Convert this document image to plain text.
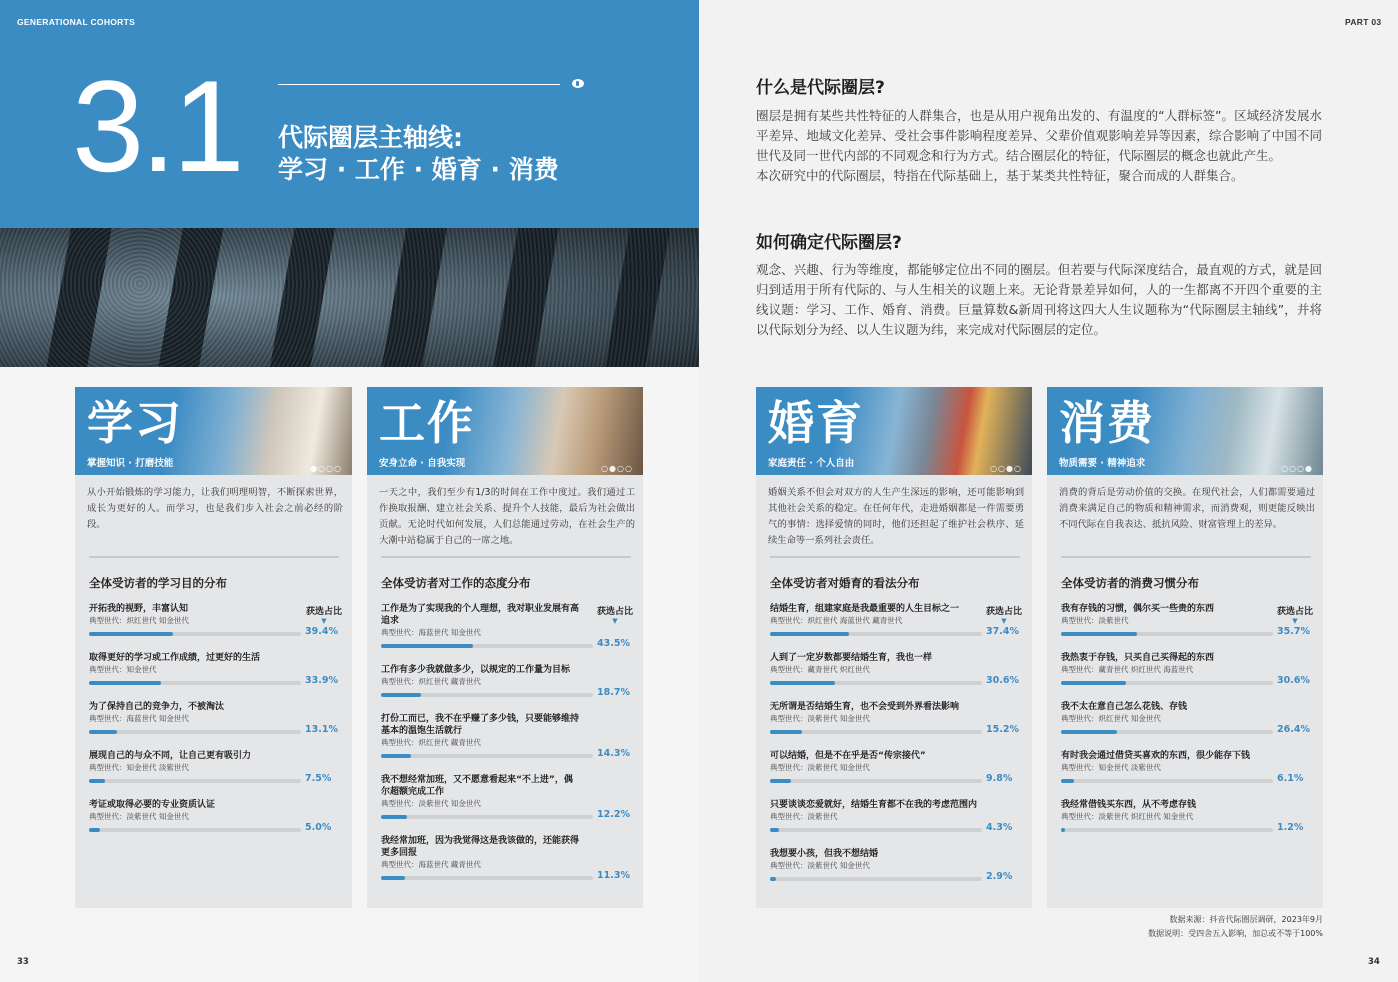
GENERATIONAL COHORTS	PART 03
3.1 代际圈层主轴线:
学习 · 工作 · 婚育 · 消费
什么是代际圈层?
圈层是拥有某些共性特征的人群集合，也是从用户视角出发的、有温度的“人群标签”。区域经济发展水平差异、地域文化差异、受社会事件影响程度差异、父辈价值观影响差异等因素，综合影响了中国不同世代及同一世代内部的不同观念和行为方式。结合圈层化的特征，代际圈层的概念也就此产生。
本次研究中的代际圈层，特指在代际基础上，基于某类共性特征，聚合而成的人群集合。
如何确定代际圈层?
观念、兴趣、行为等维度，都能够定位出不同的圈层。但若要与代际深度结合，最直观的方式，就是回归到适用于所有代际的、与人生相关的议题上来。无论背景差异如何，人的一生都离不开四个重要的主线议题：学习、工作、婚育、消费。巨量算数&新周刊将这四大人生议题称为“代际圈层主轴线”，并将以代际划分为经、以人生议题为纬，来完成对代际圈层的定位。
学习
掌握知识 · 打磨技能	●○○○
从小开始锻炼的学习能力，让我们明理明智，不断探索世界，成长为更好的人。而学习，也是我们步入社会之前必经的阶段。
全体受访者的学习目的分布
获选占比
▼
开拓我的视野，丰富认知
典型世代：炽红世代 知金世代
39.4%
取得更好的学习或工作成绩，过更好的生活
典型世代：知金世代
33.9%
为了保持自己的竞争力，不被淘汰
典型世代：海蓝世代 知金世代
13.1%
展现自己的与众不同，让自己更有吸引力
典型世代：知金世代 淡紫世代
7.5%
考证或取得必要的专业资质认证
典型世代：淡紫世代 知金世代
5.0%
工作
安身立命 · 自我实现	○●○○
一天之中，我们至少有1/3的时间在工作中度过。我们通过工作换取报酬、建立社会关系、提升个人技能，最后为社会做出贡献。无论时代如何发展，人们总能通过劳动，在社会生产的大潮中站稳属于自己的一席之地。
全体受访者对工作的态度分布
获选占比
▼
工作是为了实现我的个人理想，我对职业发展有高追求
典型世代：海蓝世代 知金世代
43.5%
工作有多少我就做多少，以规定的工作量为目标
典型世代：炽红世代 藏青世代
18.7%
打份工而已，我不在乎赚了多少钱，只要能够维持基本的温饱生活就行
典型世代：炽红世代 藏青世代
14.3%
我不想经常加班，又不愿意看起来“不上进”，偶尔超额完成工作
典型世代：淡紫世代 知金世代
12.2%
我经常加班，因为我觉得这是我该做的，还能获得更多回报
典型世代：海蓝世代 藏青世代
11.3%
婚育
家庭责任 · 个人自由	○○●○
婚姻关系不但会对双方的人生产生深远的影响，还可能影响到其他社会关系的稳定。在任何年代，走进婚姻都是一件需要勇气的事情：选择爱情的同时，他们还担起了维护社会秩序、延续生命等一系列社会责任。
全体受访者对婚育的看法分布
获选占比
▼
结婚生育，组建家庭是我最重要的人生目标之一
典型世代：炽红世代 海蓝世代 藏青世代
37.4%
人到了一定岁数都要结婚生育，我也一样
典型世代：藏青世代 炽红世代
30.6%
无所谓是否结婚生育，也不会受到外界看法影响
典型世代：淡紫世代 知金世代
15.2%
可以结婚，但是不在乎是否“传宗接代”
典型世代：淡紫世代 知金世代
9.8%
只要谈谈恋爱就好，结婚生育都不在我的考虑范围内
典型世代：淡紫世代
4.3%
我想要小孩，但我不想结婚
典型世代：淡紫世代 知金世代
2.9%
消费
物质需要 · 精神追求	○○○●
消费的背后是劳动价值的交换。在现代社会，人们都需要通过消费来满足自己的物质和精神需求，而消费观，则更能反映出不同代际在自我表达、抵抗风险、财富管理上的差异。
全体受访者的消费习惯分布
获选占比
▼
我有存钱的习惯，偶尔买一些贵的东西
典型世代：淡紫世代
35.7%
我热衷于存钱，只买自己买得起的东西
典型世代：藏青世代 炽红世代 海蓝世代
30.6%
我不太在意自己怎么花钱、存钱
典型世代：炽红世代 知金世代
26.4%
有时我会通过借贷买喜欢的东西，很少能存下钱
典型世代：知金世代 淡紫世代
6.1%
我经常借钱买东西，从不考虑存钱
典型世代：淡紫世代 炽红世代 知金世代
1.2%
数据来源：抖音代际圈层调研，2023年9月
数据说明：受四舍五入影响，加总或不等于100%
33	34
